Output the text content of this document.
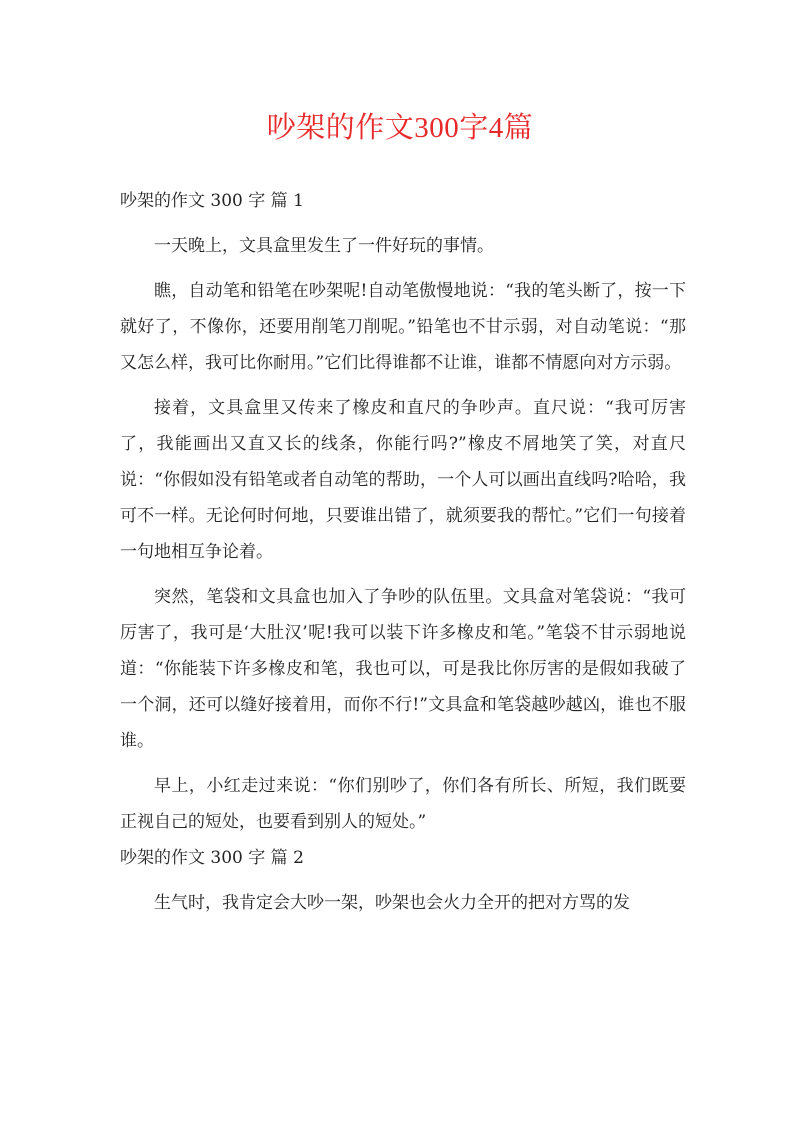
吵架的作文300字4篇

吵架的作文 300 字 篇 1

一天晚上，文具盒里发生了一件好玩的事情。

瞧，自动笔和铅笔在吵架呢!自动笔傲慢地说：“我的笔头断了，按一下就好了，不像你，还要用削笔刀削呢。”铅笔也不甘示弱，对自动笔说：“那又怎么样，我可比你耐用。”它们比得谁都不让谁，谁都不情愿向对方示弱。

接着，文具盒里又传来了橡皮和直尺的争吵声。直尺说：“我可厉害了，我能画出又直又长的线条，你能行吗?”橡皮不屑地笑了笑，对直尺说：“你假如没有铅笔或者自动笔的帮助，一个人可以画出直线吗?哈哈，我可不一样。无论何时何地，只要谁出错了，就须要我的帮忙。”它们一句接着一句地相互争论着。

突然，笔袋和文具盒也加入了争吵的队伍里。文具盒对笔袋说：“我可厉害了，我可是‘大肚汉’呢!我可以装下许多橡皮和笔。”笔袋不甘示弱地说道：“你能装下许多橡皮和笔，我也可以，可是我比你厉害的是假如我破了一个洞，还可以缝好接着用，而你不行!”文具盒和笔袋越吵越凶，谁也不服谁。

早上，小红走过来说：“你们别吵了，你们各有所长、所短，我们既要正视自己的短处，也要看到别人的短处。”

吵架的作文 300 字 篇 2

生气时，我肯定会大吵一架，吵架也会火力全开的把对方骂的发
